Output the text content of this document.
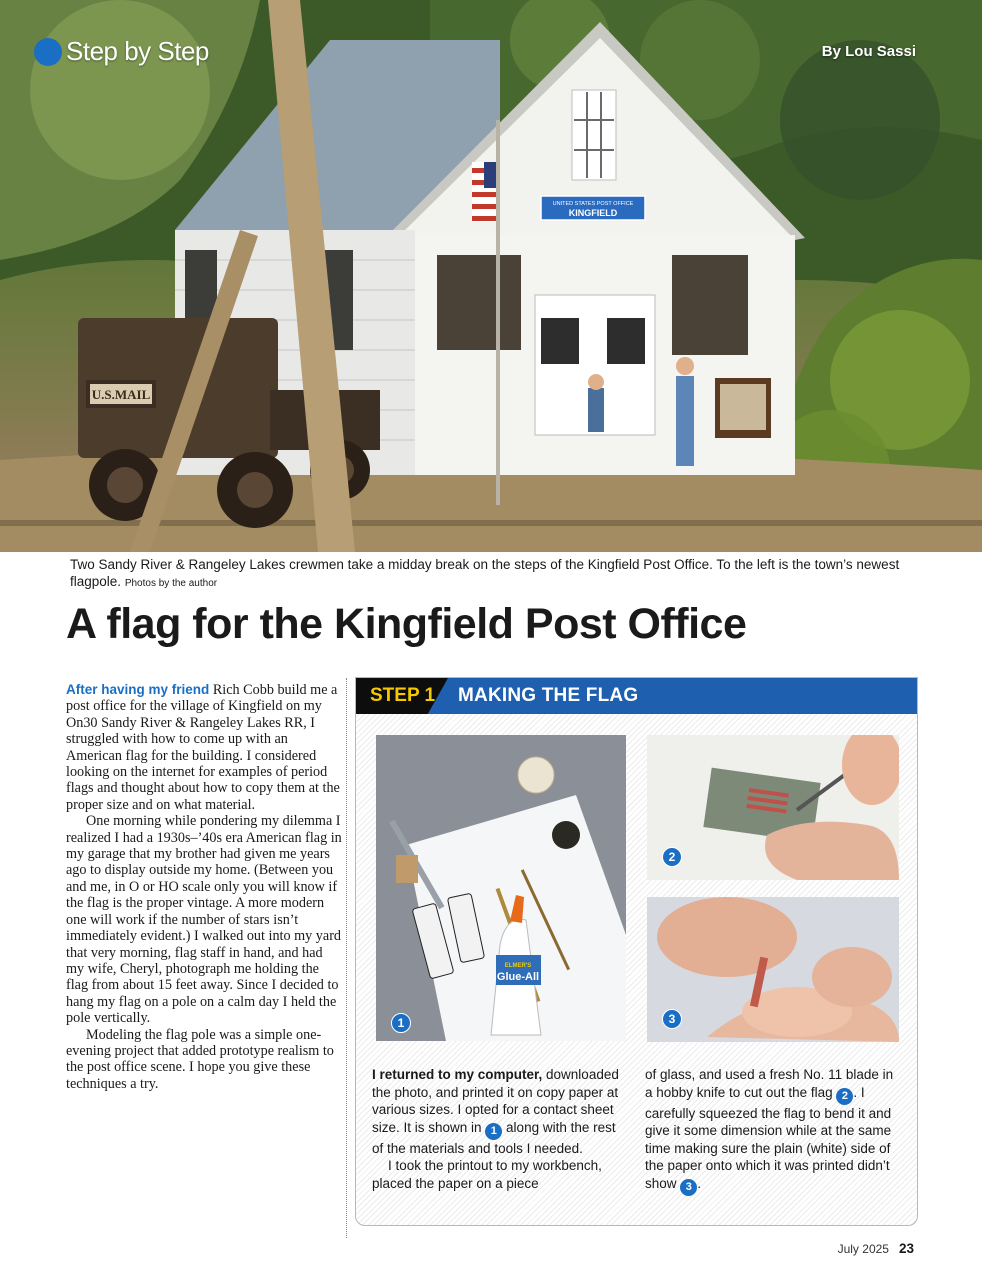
UNITED STATES POST OFFICE
KINGFIELD
U.S.MAIL
Step by Step	By Lou Sassi
Two Sandy River & Rangeley Lakes crewmen take a midday break on the steps of the Kingfield Post Office. To the left is the town’s newest flagpole. Photos by the author
A flag for the Kingfield Post Office

After having my friend Rich Cobb build me a post office for the village of Kingfield on my On30 Sandy River & Rangeley Lakes RR, I struggled with how to come up with an American flag for the building. I considered looking on the internet for examples of period flags and thought about how to copy them at the proper size and on what material.

One morning while pondering my dilemma I realized I had a 1930s–’40s era American flag in my garage that my brother had given me years ago to display outside my home. (Between you and me, in O or HO scale only you will know if the flag is the proper vintage. A more modern one will work if the number of stars isn’t immediately evident.) I walked out into my yard that very morning, flag staff in hand, and had my wife, Cheryl, photograph me holding the flag from about 15 feet away. Since I decided to hang my flag on a pole on a calm day I held the pole vertically.

Modeling the flag pole was a simple one-evening project that added prototype realism to the post office scene. I hope you give these techniques a try.

STEP 1 MAKING THE FLAG
ELMER'S
Glue-All
1
2
3

I returned to my computer, downloaded the photo, and printed it on copy paper at various sizes. I opted for a contact sheet size. It is shown in 1 along with the rest of the materials and tools I needed.

I took the printout to my workbench, placed the paper on a piece

of glass, and used a fresh No. 11 blade in a hobby knife to cut out the flag 2 . I carefully squeezed the flag to bend it and give it some dimension while at the same time making sure the plain (white) side of the paper onto which it was printed didn’t show 3 .

July 2025 23
